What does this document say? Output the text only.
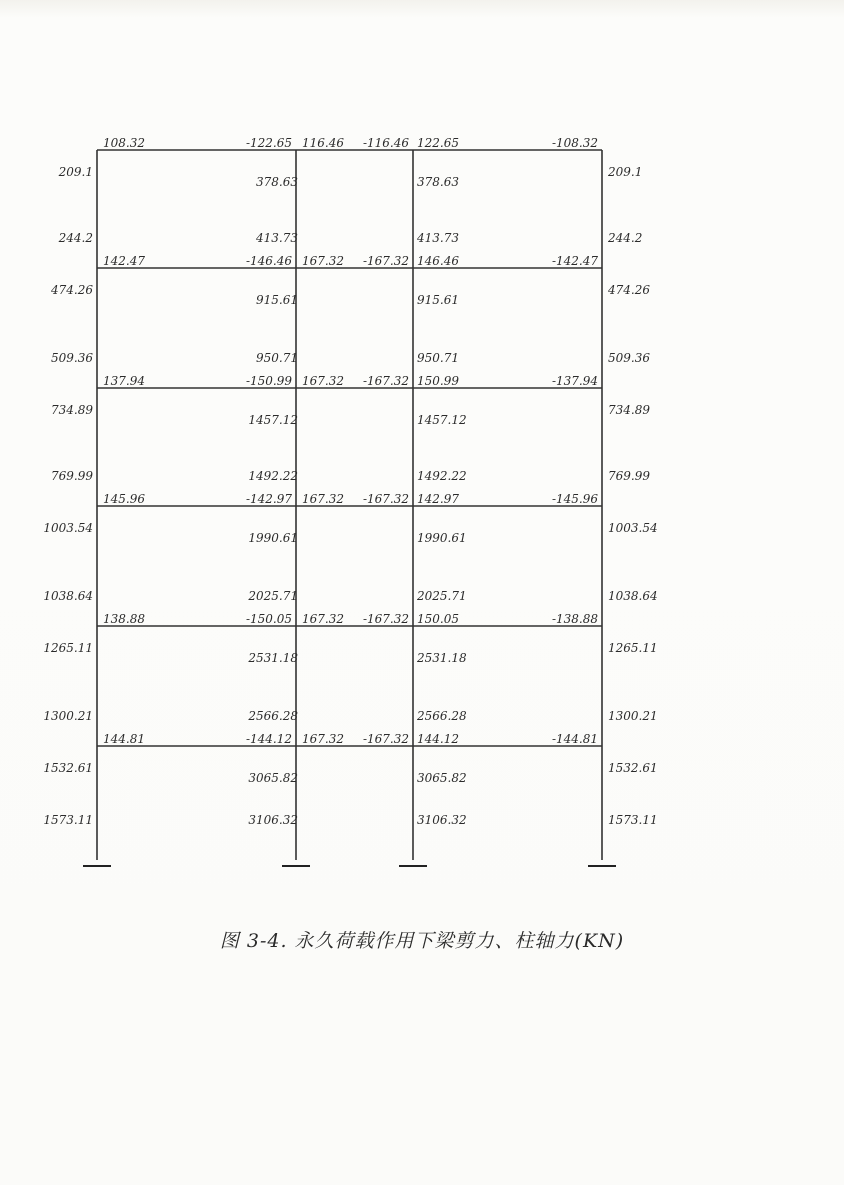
108.32	-122.65 116.46 -116.46 122.65	-108.32
142.47	-146.46 167.32 -167.32 146.46	-142.47
137.94	-150.99 167.32 -167.32 150.99	-137.94
145.96	-142.97 167.32 -167.32 142.97	-145.96
138.88	-150.05 167.32 -167.32 150.05	-138.88
144.81	-144.12 167.32 -167.32 144.12	-144.81
209.1
244.2
209.1
244.2
378.63
413.73
378.63
413.73
474.26
509.36
474.26
509.36
915.61
950.71
915.61
950.71
734.89
769.99
734.89
769.99
1457.12
1492.22
1457.12
1492.22
1003.54
1038.64
1003.54
1038.64
1990.61
2025.71
1990.61
2025.71
1265.11
1300.21
1265.11
1300.21
2531.18
2566.28
2531.18
2566.28
1532.61
1573.11
1532.61
1573.11
3065.82
3106.32
3065.82
3106.32
图 3-4. 永久荷载作用下梁剪力、柱轴力(KN)
